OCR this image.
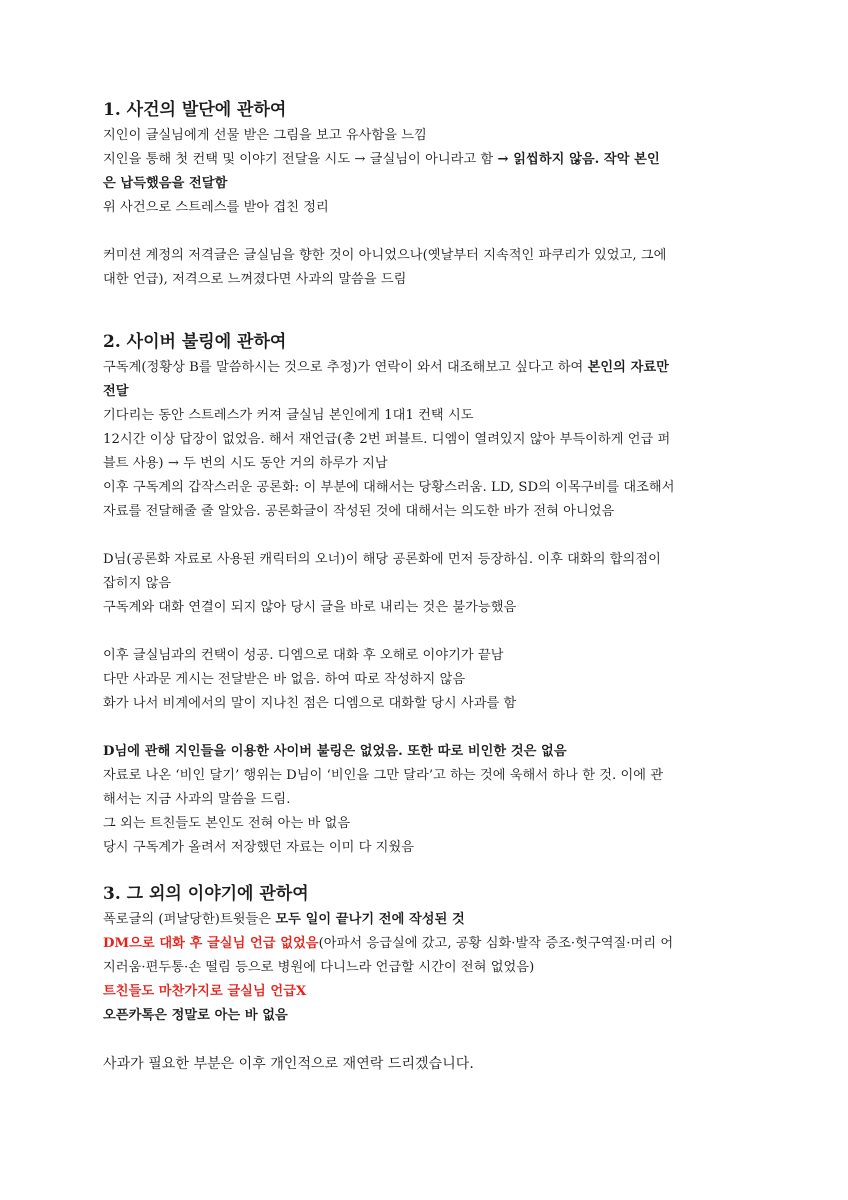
1. 사건의 발단에 관하여
지인이 글실님에게 선물 받은 그림을 보고 유사함을 느낌
지인을 통해 첫 컨택 및 이야기 전달을 시도 → 글실님이 아니라고 함 → 읽씹하지 않음. 작악 본인
은 납득했음을 전달함
위 사건으로 스트레스를 받아 겹친 정리
커미션 계정의 저격글은 글실님을 향한 것이 아니었으나(옛날부터 지속적인 파쿠리가 있었고, 그에
대한 언급), 저격으로 느껴졌다면 사과의 말씀을 드림
2. 사이버 불링에 관하여
구독계(정황상 B를 말씀하시는 것으로 추정)가 연락이 와서 대조해보고 싶다고 하여 본인의 자료만
전달
기다리는 동안 스트레스가 커져 글실님 본인에게 1대1 컨택 시도
12시간 이상 답장이 없었음. 해서 재언급(총 2번 퍼블트. 디엠이 열려있지 않아 부득이하게 언급 퍼
블트 사용) → 두 번의 시도 동안 거의 하루가 지남
이후 구독계의 갑작스러운 공론화: 이 부분에 대해서는 당황스러움. LD, SD의 이목구비를 대조해서
자료를 전달해줄 줄 알았음. 공론화글이 작성된 것에 대해서는 의도한 바가 전혀 아니었음
D님(공론화 자료로 사용된 캐릭터의 오너)이 해당 공론화에 먼저 등장하심. 이후 대화의 합의점이
잡히지 않음
구독계와 대화 연결이 되지 않아 당시 글을 바로 내리는 것은 불가능했음
이후 글실님과의 컨택이 성공. 디엠으로 대화 후 오해로 이야기가 끝남
다만 사과문 게시는 전달받은 바 없음. 하여 따로 작성하지 않음
화가 나서 비계에서의 말이 지나친 점은 디엠으로 대화할 당시 사과를 함
D님에 관해 지인들을 이용한 사이버 불링은 없었음. 또한 따로 비인한 것은 없음
자료로 나온 ‘비인 달기’ 행위는 D님이 ‘비인을 그만 달라’고 하는 것에 욱해서 하나 한 것. 이에 관
해서는 지금 사과의 말씀을 드림.
그 외는 트친들도 본인도 전혀 아는 바 없음
당시 구독계가 올려서 저장했던 자료는 이미 다 지웠음
3. 그 외의 이야기에 관하여
폭로글의 (퍼날당한)트윗들은 모두 일이 끝나기 전에 작성된 것
DM으로 대화 후 글실님 언급 없었음(아파서 응급실에 갔고, 공황 심화·발작 증조·헛구역질·머리 어
지러움·편두통·손 떨림 등으로 병원에 다니느라 언급할 시간이 전혀 없었음)
트친들도 마찬가지로 글실님 언급X
오픈카톡은 정말로 아는 바 없음
사과가 필요한 부분은 이후 개인적으로 재연락 드리겠습니다.
